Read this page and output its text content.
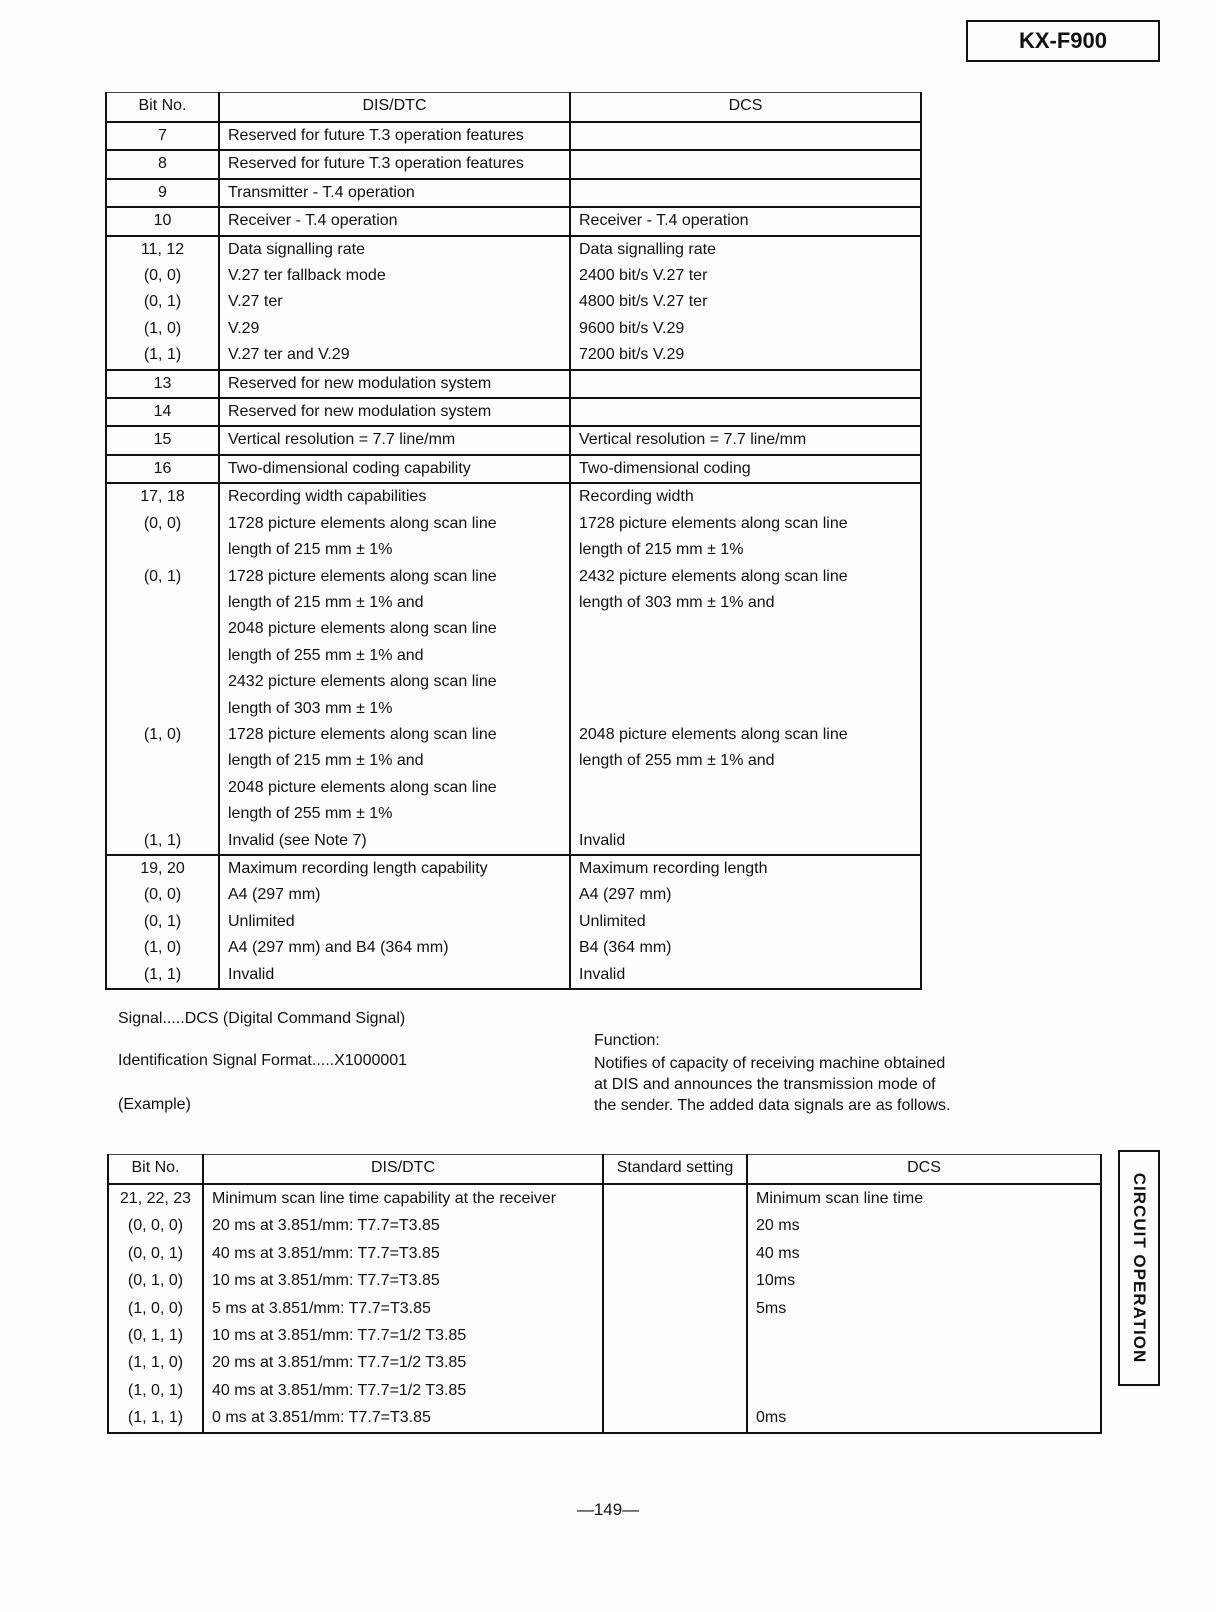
KX-F900
Bit No.	DIS/DTC	DCS
7	Reserved for future T.3 operation features	
8	Reserved for future T.3 operation features	
9	Transmitter - T.4 operation	
10	Receiver - T.4 operation	Receiver - T.4 operation
11, 12	Data signalling rate	Data signalling rate
(0, 0)	V.27 ter fallback mode	2400 bit/s V.27 ter
(0, 1)	V.27 ter	4800 bit/s V.27 ter
(1, 0)	V.29	9600 bit/s V.29
(1, 1)	V.27 ter and V.29	7200 bit/s V.29
13	Reserved for new modulation system	
14	Reserved for new modulation system	
15	Vertical resolution = 7.7 line/mm	Vertical resolution = 7.7 line/mm
16	Two-dimensional coding capability	Two-dimensional coding
17, 18	Recording width capabilities	Recording width
(0, 0)	1728 picture elements along scan line	1728 picture elements along scan line
	length of 215 mm ± 1%	length of 215 mm ± 1%
(0, 1)	1728 picture elements along scan line	2432 picture elements along scan line
	length of 215 mm ± 1% and	length of 303 mm ± 1% and
	2048 picture elements along scan line	
	length of 255 mm ± 1% and	
	2432 picture elements along scan line	
	length of 303 mm ± 1%	
(1, 0)	1728 picture elements along scan line	2048 picture elements along scan line
	length of 215 mm ± 1% and	length of 255 mm ± 1% and
	2048 picture elements along scan line	
	length of 255 mm ± 1%	
(1, 1)	Invalid (see Note 7)	Invalid
19, 20	Maximum recording length capability	Maximum recording length
(0, 0)	A4 (297 mm)	A4 (297 mm)
(0, 1)	Unlimited	Unlimited
(1, 0)	A4 (297 mm) and B4 (364 mm)	B4 (364 mm)
(1, 1)	Invalid	Invalid
Signal.....DCS (Digital Command Signal)
Identification Signal Format.....X1000001
(Example)
Function:
Notifies of capacity of receiving machine obtained
at DIS and announces the transmission mode of
the sender. The added data signals are as follows.
Bit No.	DIS/DTC	Standard setting	DCS
21, 22, 23	Minimum scan line time capability at the receiver		Minimum scan line time
(0, 0, 0)	20 ms at 3.851/mm: T7.7=T3.85		20 ms
(0, 0, 1)	40 ms at 3.851/mm: T7.7=T3.85		40 ms
(0, 1, 0)	10 ms at 3.851/mm: T7.7=T3.85		10ms
(1, 0, 0)	5 ms at 3.851/mm: T7.7=T3.85		5ms
(0, 1, 1)	10 ms at 3.851/mm: T7.7=1/2 T3.85		
(1, 1, 0)	20 ms at 3.851/mm: T7.7=1/2 T3.85		
(1, 0, 1)	40 ms at 3.851/mm: T7.7=1/2 T3.85		
(1, 1, 1)	0 ms at 3.851/mm: T7.7=T3.85		0ms
CIRCUIT OPERATION
—149—
